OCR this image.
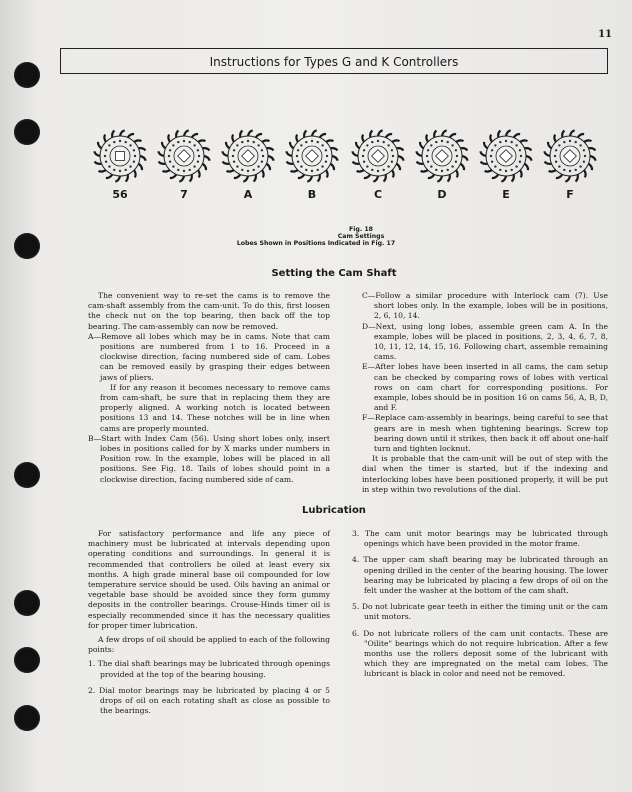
11
Instructions for Types G and K Controllers
56	7	A	B	C	D	E	F
Fig. 18
Cam Settings
Lobes Shown in Positions Indicated in Fig. 17
Setting the Cam Shaft

The convenient way to re-set the cams is to remove the cam-shaft assembly from the cam-unit. To do this, first loosen the check nut on the top bearing, then back off the top bearing. The cam-assembly can now be removed.

A—Remove all lobes which may be in cams. Note that cam positions are numbered from 1 to 16. Proceed in a clockwise direction, facing numbered side of cam. Lobes can be removed easily by grasping their edges between jaws of pliers.

If for any reason it becomes necessary to remove cams from cam-shaft, be sure that in replacing them they are properly aligned. A working notch is located between positions 13 and 14. These notches will be in line when cams are properly mounted.

B—Start with Index Cam (56). Using short lobes only, insert lobes in positions called for by X marks under numbers in Position row. In the example, lobes will be placed in all positions. See Fig. 18. Tails of lobes should point in a clockwise direction, facing numbered side of cam.

C—Follow a similar procedure with Interlock cam (7). Use short lobes only. In the example, lobes will be in positions, 2, 6, 10, 14.

D—Next, using long lobes, assemble green cam A. In the example, lobes will be placed in positions, 2, 3, 4, 6, 7, 8, 10, 11, 12, 14, 15, 16. Following chart, assemble remaining cams.

E—After lobes have been inserted in all cams, the cam setup can be checked by comparing rows of lobes with vertical rows on cam chart for corresponding positions. For example, lobes should be in position 16 on cams 56, A, B, D, and F.

F—Replace cam-assembly in bearings, being careful to see that gears are in mesh when tightening bearings. Screw top bearing down until it strikes, then back it off about one-half turn and tighten locknut.

It is probable that the cam-unit will be out of step with the dial when the timer is started, but if the indexing and interlocking lobes have been positioned properly, it will be put in step within two revolutions of the dial.

Lubrication

For satisfactory performance and life any piece of machinery must be lubricated at intervals depending upon operating conditions and surroundings. In general it is recommended that controllers be oiled at least every six months. A high grade mineral base oil compounded for low temperature service should be used. Oils having an animal or vegetable base should be avoided since they form gummy deposits in the controller bearings. Crouse-Hinds timer oil is especially recommended since it has the necessary qualities for proper timer lubrication.

A few drops of oil should be applied to each of the following points:

1. The dial shaft bearings may be lubricated through openings provided at the top of the bearing housing.

2. Dial motor bearings may be lubricated by placing 4 or 5 drops of oil on each rotating shaft as close as possible to the bearings.

3. The cam unit motor bearings may be lubricated through openings which have been provided in the motor frame.

4. The upper cam shaft bearing may be lubricated through an opening drilled in the center of the bearing housing. The lower bearing may be lubricated by placing a few drops of oil on the felt under the washer at the bottom of the cam shaft.

5. Do not lubricate gear teeth in either the timing unit or the cam unit motors.

6. Do not lubricate rollers of the cam unit contacts. These are "Oilite" bearings which do not require lubrication. After a few months use the rollers deposit some of the lubricant with which they are impregnated on the metal cam lobes. The lubricant is black in color and need not be removed.
